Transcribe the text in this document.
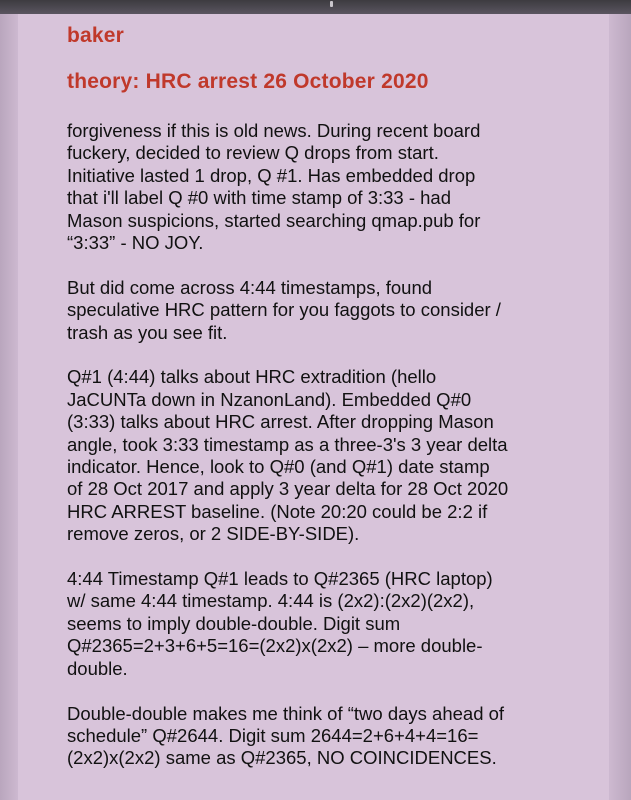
baker

theory: HRC arrest 26 October 2020

forgiveness if this is old news. During recent board
fuckery, decided to review Q drops from start.
Initiative lasted 1 drop, Q #1. Has embedded drop
that i'll label Q #0 with time stamp of 3:33 - had
Mason suspicions, started searching qmap.pub for
“3:33” - NO JOY.

But did come across 4:44 timestamps, found
speculative HRC pattern for you faggots to consider /
trash as you see fit.

Q#1 (4:44) talks about HRC extradition (hello
JaCUNTa down in NzanonLand). Embedded Q#0
(3:33) talks about HRC arrest. After dropping Mason
angle, took 3:33 timestamp as a three-3's 3 year delta
indicator. Hence, look to Q#0 (and Q#1) date stamp
of 28 Oct 2017 and apply 3 year delta for 28 Oct 2020
HRC ARREST baseline. (Note 20:20 could be 2:2 if
remove zeros, or 2 SIDE-BY-SIDE).

4:44 Timestamp Q#1 leads to Q#2365 (HRC laptop)
w/ same 4:44 timestamp. 4:44 is (2x2):(2x2)(2x2),
seems to imply double-double. Digit sum
Q#2365=2+3+6+5=16=(2x2)x(2x2) – more double-
double.

Double-double makes me think of “two days ahead of
schedule” Q#2644. Digit sum 2644=2+6+4+4=16=
(2x2)x(2x2) same as Q#2365, NO COINCIDENCES.
